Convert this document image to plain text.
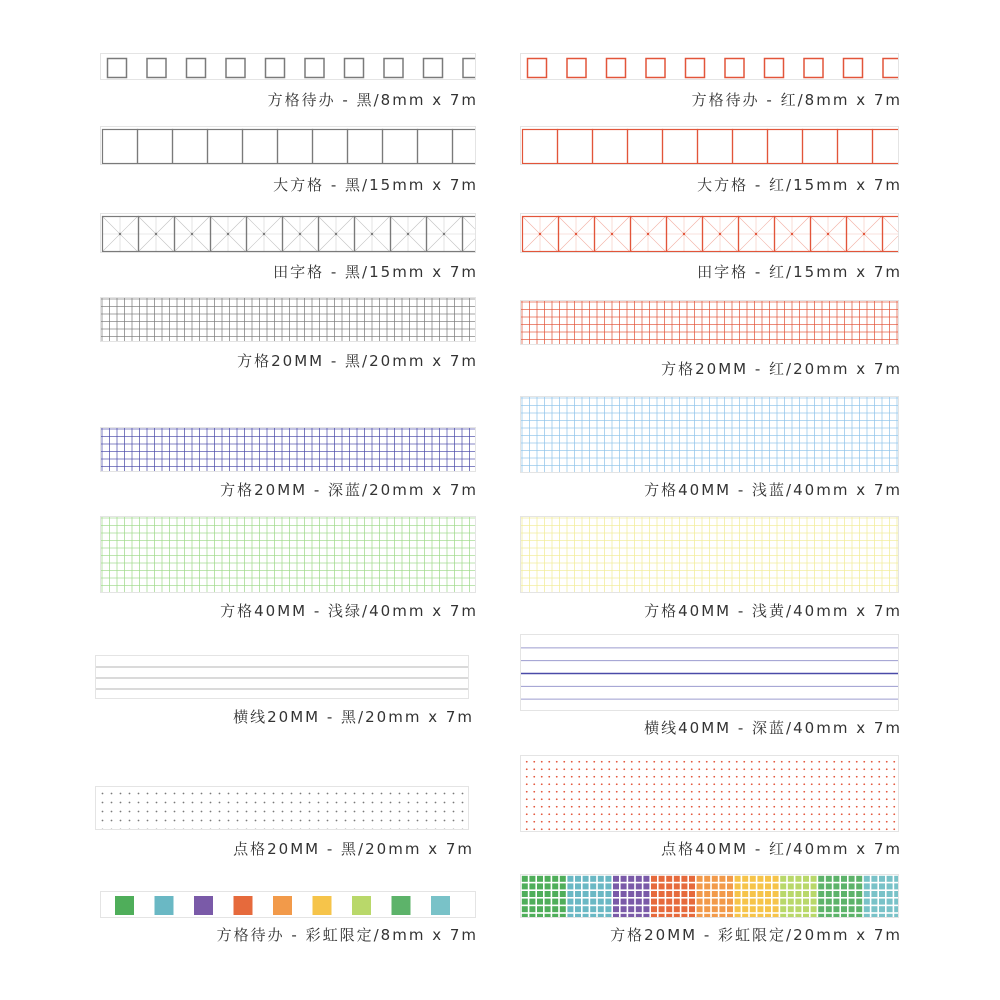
方格待办 - 黑/8mm x 7m
大方格 - 黑/15mm x 7m
田字格 - 黑/15mm x 7m
方格20MM - 黑/20mm x 7m
方格20MM - 深蓝/20mm x 7m
方格40MM - 浅绿/40mm x 7m
横线20MM - 黑/20mm x 7m
点格20MM - 黑/20mm x 7m
方格待办 - 彩虹限定/8mm x 7m
方格待办 - 红/8mm x 7m
大方格 - 红/15mm x 7m
田字格 - 红/15mm x 7m
方格20MM - 红/20mm x 7m
方格40MM - 浅蓝/40mm x 7m
方格40MM - 浅黄/40mm x 7m
横线40MM - 深蓝/40mm x 7m
点格40MM - 红/40mm x 7m
方格20MM - 彩虹限定/20mm x 7m
